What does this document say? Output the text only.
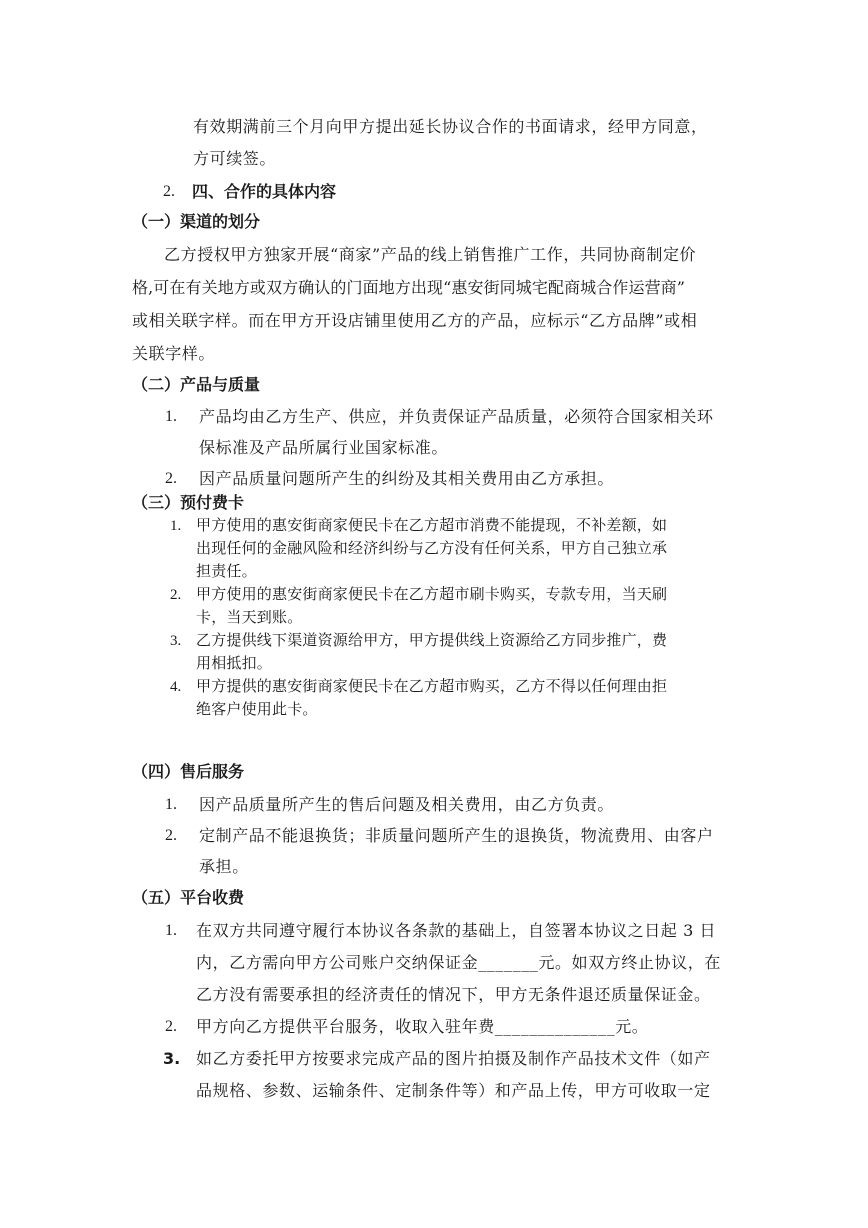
有效期满前三个月向甲方提出延长协议合作的书面请求，经甲方同意，
方可续签。
2. 四、合作的具体内容
（一）渠道的划分
乙方授权甲方独家开展“商家”产品的线上销售推广工作，共同协商制定价
格,可在有关地方或双方确认的门面地方出现“惠安街同城宅配商城合作运营商”
或相关联字样。而在甲方开设店铺里使用乙方的产品，应标示“乙方品牌”或相
关联字样。
（二）产品与质量
1. 产品均由乙方生产、供应，并负责保证产品质量，必须符合国家相关环
保标准及产品所属行业国家标准。
2. 因产品质量问题所产生的纠纷及其相关费用由乙方承担。
（三）预付费卡
1. 甲方使用的惠安街商家便民卡在乙方超市消费不能提现，不补差额，如
出现任何的金融风险和经济纠纷与乙方没有任何关系，甲方自己独立承
担责任。
2. 甲方使用的惠安街商家便民卡在乙方超市刷卡购买，专款专用，当天刷
卡，当天到账。
3. 乙方提供线下渠道资源给甲方，甲方提供线上资源给乙方同步推广，费
用相抵扣。
4. 甲方提供的惠安街商家便民卡在乙方超市购买，乙方不得以任何理由拒
绝客户使用此卡。
（四）售后服务
1. 因产品质量所产生的售后问题及相关费用，由乙方负责。
2. 定制产品不能退换货；非质量问题所产生的退换货，物流费用、由客户
承担。
（五）平台收费
1. 在双方共同遵守履行本协议各条款的基础上，自签署本协议之日起 3 日
内，乙方需向甲方公司账户交纳保证金_______元。如双方终止协议，在
乙方没有需要承担的经济责任的情况下，甲方无条件退还质量保证金。
2. 甲方向乙方提供平台服务，收取入驻年费______________元。
3. 如乙方委托甲方按要求完成产品的图片拍摄及制作产品技术文件（如产
品规格、参数、运输条件、定制条件等）和产品上传，甲方可收取一定
